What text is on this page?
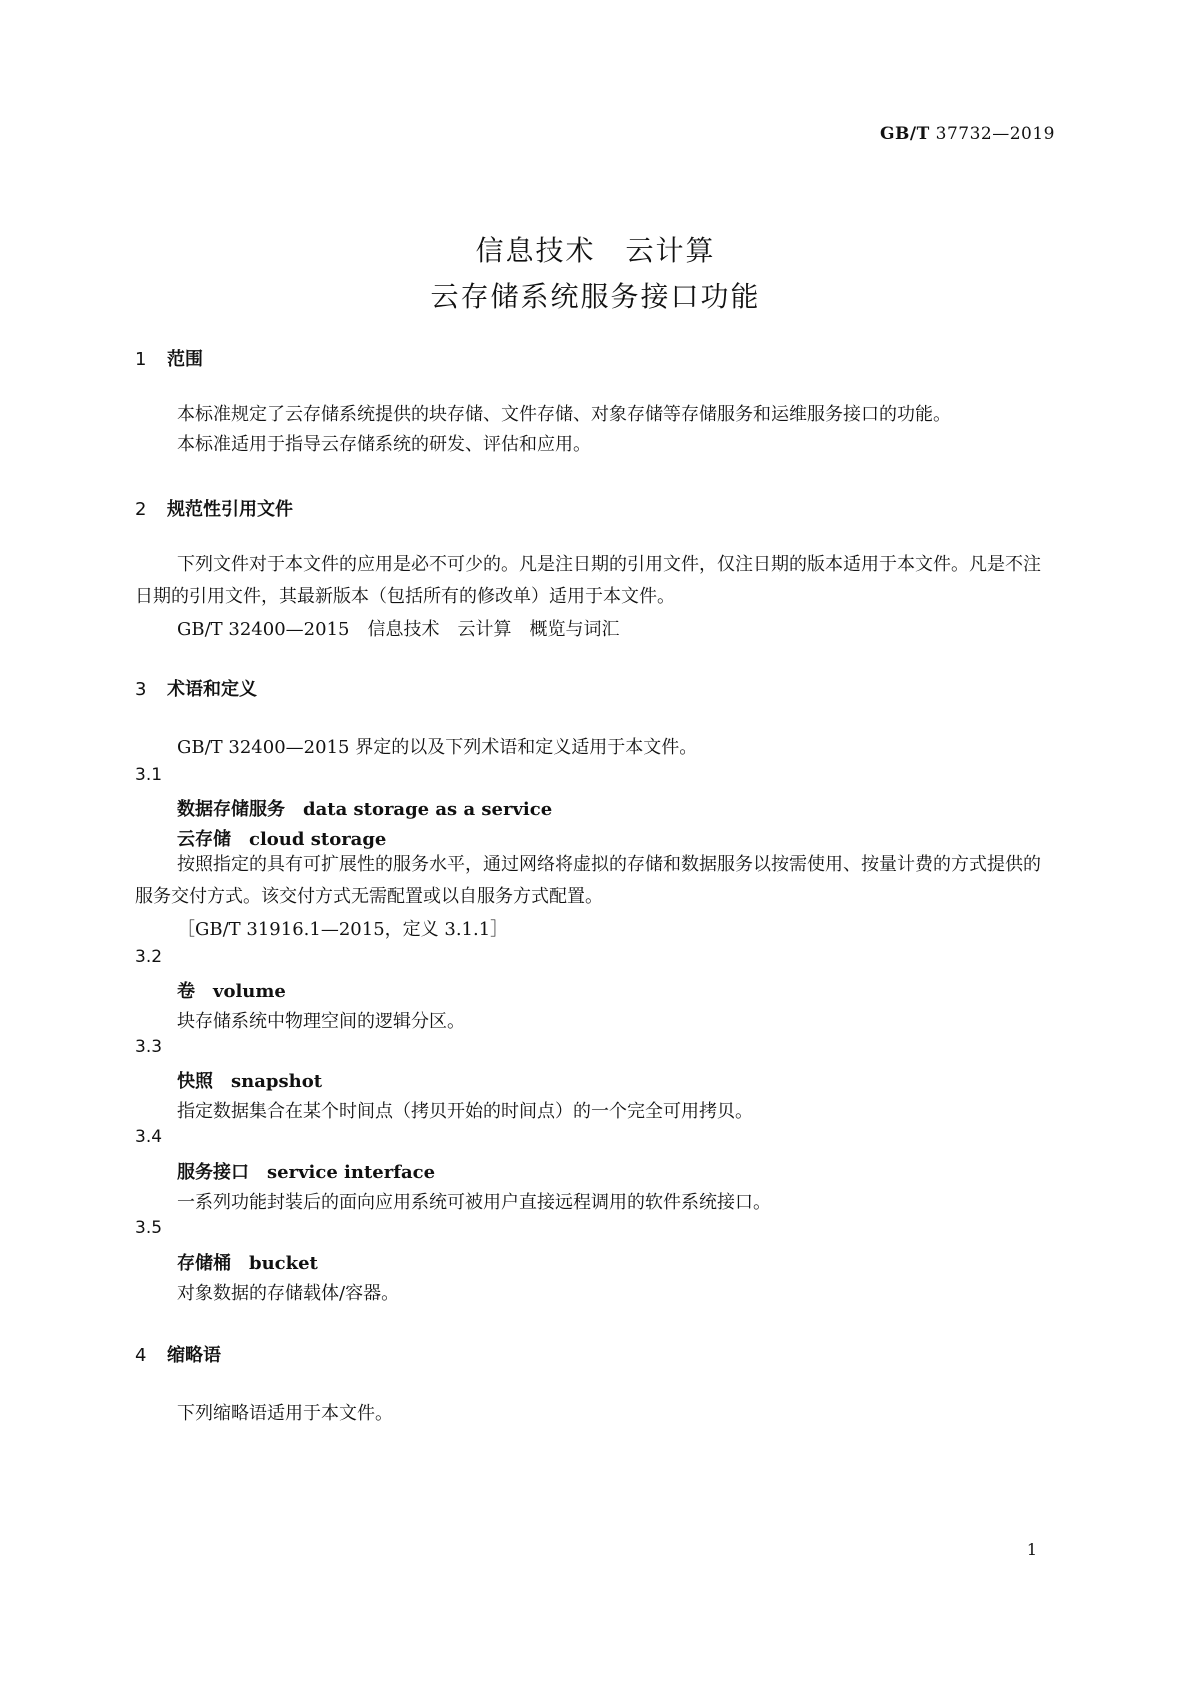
GB/T 37732—2019
信息技术　云计算
云存储系统服务接口功能
1 范围
本标准规定了云存储系统提供的块存储、文件存储、对象存储等存储服务和运维服务接口的功能。
本标准适用于指导云存储系统的研发、评估和应用。
2 规范性引用文件
下列文件对于本文件的应用是必不可少的。凡是注日期的引用文件，仅注日期的版本适用于本文件。凡是不注日期的引用文件，其最新版本（包括所有的修改单）适用于本文件。
GB/T 32400—2015　信息技术　云计算　概览与词汇
3 术语和定义
GB/T 32400—2015 界定的以及下列术语和定义适用于本文件。
3.1
数据存储服务　 data storage as a service
云存储　 cloud storage
按照指定的具有可扩展性的服务水平，通过网络将虚拟的存储和数据服务以按需使用、按量计费的方式提供的服务交付方式。该交付方式无需配置或以自服务方式配置。
［GB/T 31916.1—2015，定义 3.1.1］
3.2
卷　 volume
块存储系统中物理空间的逻辑分区。
3.3
快照　 snapshot
指定数据集合在某个时间点（拷贝开始的时间点）的一个完全可用拷贝。
3.4
服务接口　 service interface
一系列功能封装后的面向应用系统可被用户直接远程调用的软件系统接口。
3.5
存储桶　 bucket
对象数据的存储载体/容器。
4 缩略语
下列缩略语适用于本文件。
1
